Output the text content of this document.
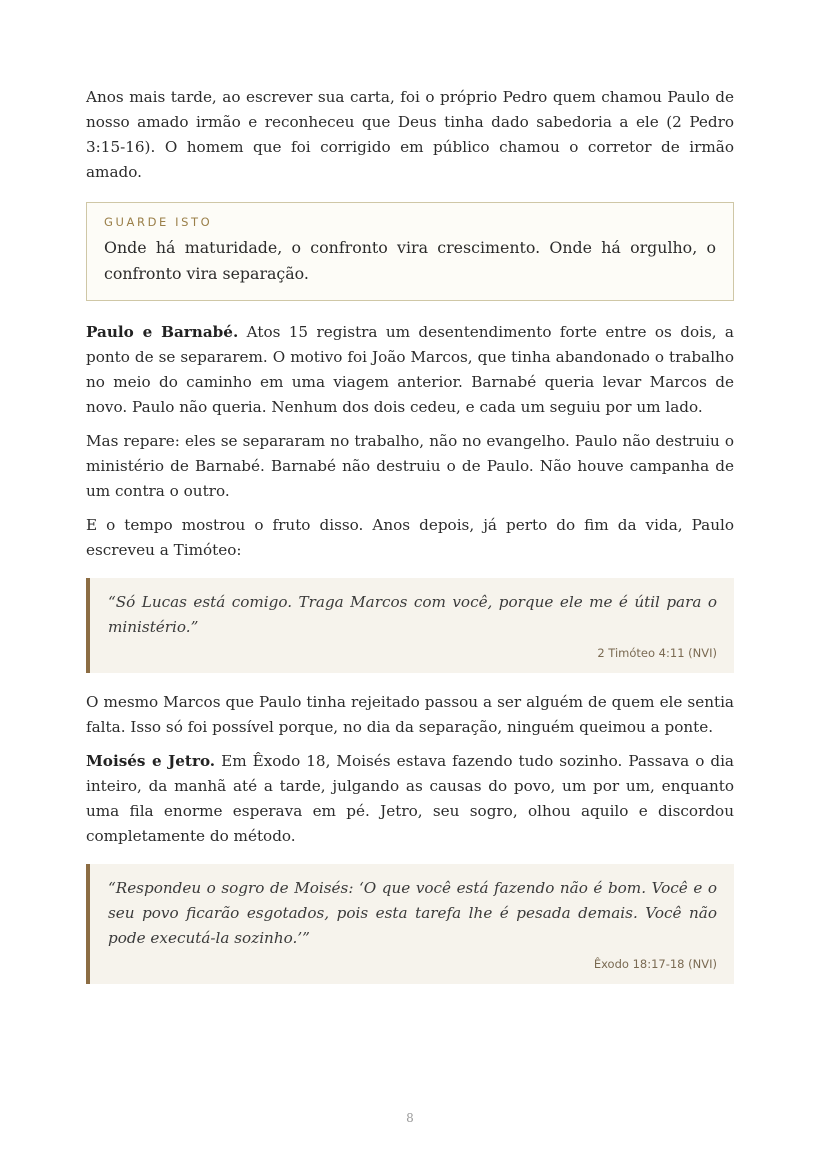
Anos mais tarde, ao escrever sua carta, foi o próprio Pedro quem chamou Paulo de nosso amado irmão e reconheceu que Deus tinha dado sabedoria a ele (2 Pedro 3:15-16). O homem que foi corrigido em público chamou o corretor de irmão amado.

GUARDE ISTO
Onde há maturidade, o confronto vira crescimento. Onde há orgulho, o confronto vira separação.

Paulo e Barnabé. Atos 15 registra um desentendimento forte entre os dois, a ponto de se separarem. O motivo foi João Marcos, que tinha abandonado o trabalho no meio do caminho em uma viagem anterior. Barnabé queria levar Marcos de novo. Paulo não queria. Nenhum dos dois cedeu, e cada um seguiu por um lado.

Mas repare: eles se separaram no trabalho, não no evangelho. Paulo não destruiu o ministério de Barnabé. Barnabé não destruiu o de Paulo. Não houve campanha de um contra o outro.

E o tempo mostrou o fruto disso. Anos depois, já perto do fim da vida, Paulo escreveu a Timóteo:

“Só Lucas está comigo. Traga Marcos com você, porque ele me é útil para o ministério.”
2 Timóteo 4:11 (NVI)

O mesmo Marcos que Paulo tinha rejeitado passou a ser alguém de quem ele sentia falta. Isso só foi possível porque, no dia da separação, ninguém queimou a ponte.

Moisés e Jetro. Em Êxodo 18, Moisés estava fazendo tudo sozinho. Passava o dia inteiro, da manhã até a tarde, julgando as causas do povo, um por um, enquanto uma fila enorme esperava em pé. Jetro, seu sogro, olhou aquilo e discordou completamente do método.

“Respondeu o sogro de Moisés: ‘O que você está fazendo não é bom. Você e o seu povo ficarão esgotados, pois esta tarefa lhe é pesada demais. Você não pode executá-la sozinho.’”
Êxodo 18:17-18 (NVI)
8
